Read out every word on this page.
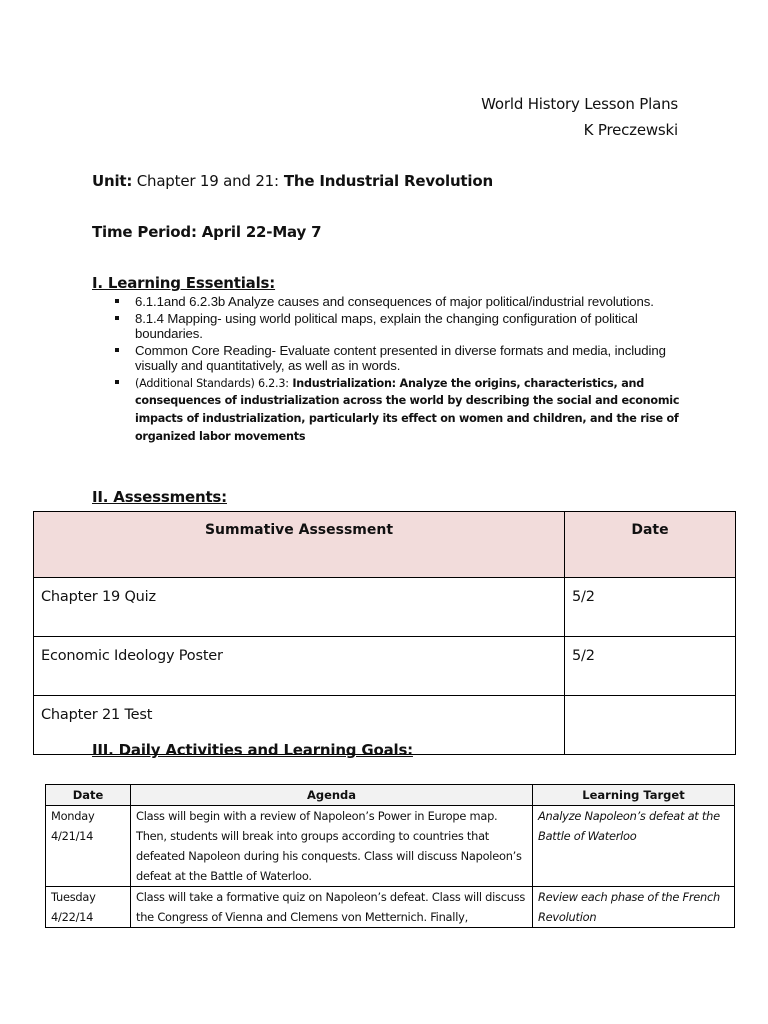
World History Lesson Plans
K Preczewski
Unit: Chapter 19 and 21: The Industrial Revolution
Time Period: April 22-May 7
I. Learning Essentials:
6.1.1and 6.2.3b Analyze causes and consequences of major political/industrial revolutions.
8.1.4 Mapping- using world political maps, explain the changing configuration of political boundaries.
Common Core Reading- Evaluate content presented in diverse formats and media, including visually and quantitatively, as well as in words.
(Additional Standards) 6.2.3: Industrialization: Analyze the origins, characteristics, and consequences of industrialization across the world by describing the social and economic impacts of industrialization, particularly its effect on women and children, and the rise of organized labor movements
II. Assessments:
Summative Assessment	Date
Chapter 19 Quiz	5/2
Economic Ideology Poster	5/2
Chapter 21 Test	
III. Daily Activities and Learning Goals:
Date	Agenda	Learning Target

Monday
4/21/14	Class will begin with a review of Napoleon’s Power in Europe map. Then, students will break into groups according to countries that defeated Napoleon during his conquests. Class will discuss Napoleon’s defeat at the Battle of Waterloo.	Analyze Napoleon’s defeat at the Battle of Waterloo

Tuesday
4/22/14	Class will take a formative quiz on Napoleon’s defeat. Class will discuss the Congress of Vienna and Clemens von Metternich. Finally,	Review each phase of the French Revolution
